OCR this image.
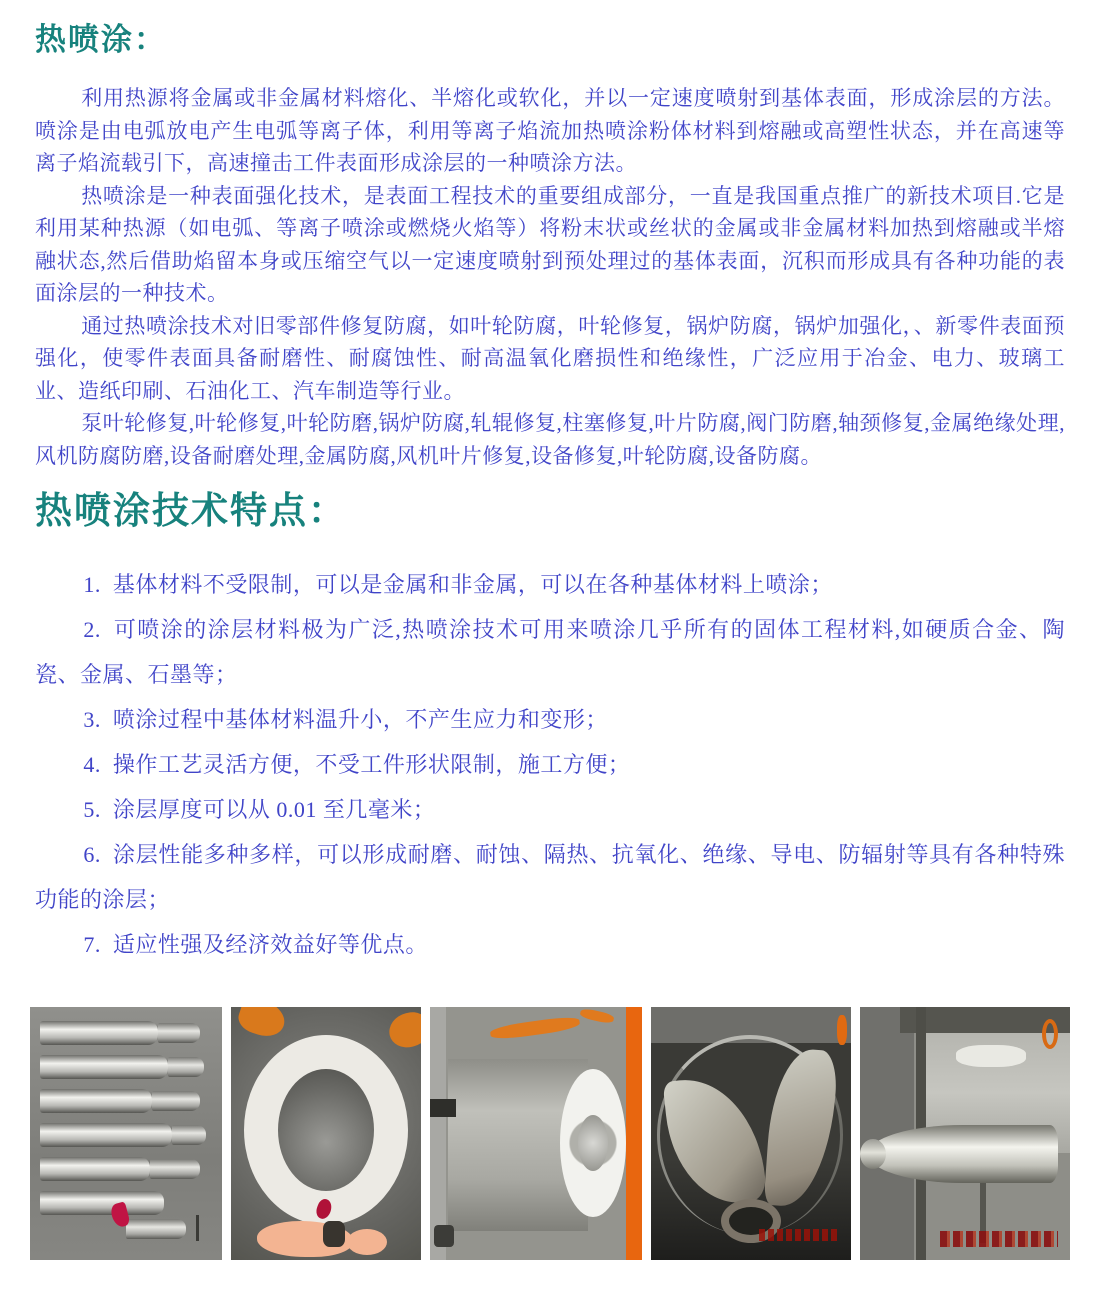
热喷涂：

利用热源将金属或非金属材料熔化、半熔化或软化，并以一定速度喷射到基体表面，形成涂层的方法。喷涂是由电弧放电产生电弧等离子体，利用等离子焰流加热喷涂粉体材料到熔融或高塑性状态，并在高速等离子焰流载引下，高速撞击工件表面形成涂层的一种喷涂方法。

热喷涂是一种表面强化技术，是表面工程技术的重要组成部分，一直是我国重点推广的新技术项目.它是利用某种热源（如电弧、等离子喷涂或燃烧火焰等）将粉末状或丝状的金属或非金属材料加热到熔融或半熔融状态,然后借助焰留本身或压缩空气以一定速度喷射到预处理过的基体表面，沉积而形成具有各种功能的表面涂层的一种技术。

通过热喷涂技术对旧零部件修复防腐，如叶轮防腐，叶轮修复，锅炉防腐，锅炉加强化，、新零件表面预强化，使零件表面具备耐磨性、耐腐蚀性、耐高温氧化磨损性和绝缘性，广泛应用于冶金、电力、玻璃工业、造纸印刷、石油化工、汽车制造等行业。

泵叶轮修复,叶轮修复,叶轮防磨,锅炉防腐,轧辊修复,柱塞修复,叶片防腐,阀门防磨,轴颈修复,金属绝缘处理,风机防腐防磨,设备耐磨处理,金属防腐,风机叶片修复,设备修复,叶轮防腐,设备防腐。

热喷涂技术特点：

1. 基体材料不受限制，可以是金属和非金属，可以在各种基体材料上喷涂；

2. 可喷涂的涂层材料极为广泛,热喷涂技术可用来喷涂几乎所有的固体工程材料,如硬质合金、陶瓷、金属、石墨等；

3. 喷涂过程中基体材料温升小，不产生应力和变形；

4. 操作工艺灵活方便，不受工件形状限制，施工方便；

5. 涂层厚度可以从 0.01 至几毫米；

6. 涂层性能多种多样，可以形成耐磨、耐蚀、隔热、抗氧化、绝缘、导电、防辐射等具有各种特殊功能的涂层；

7. 适应性强及经济效益好等优点。
